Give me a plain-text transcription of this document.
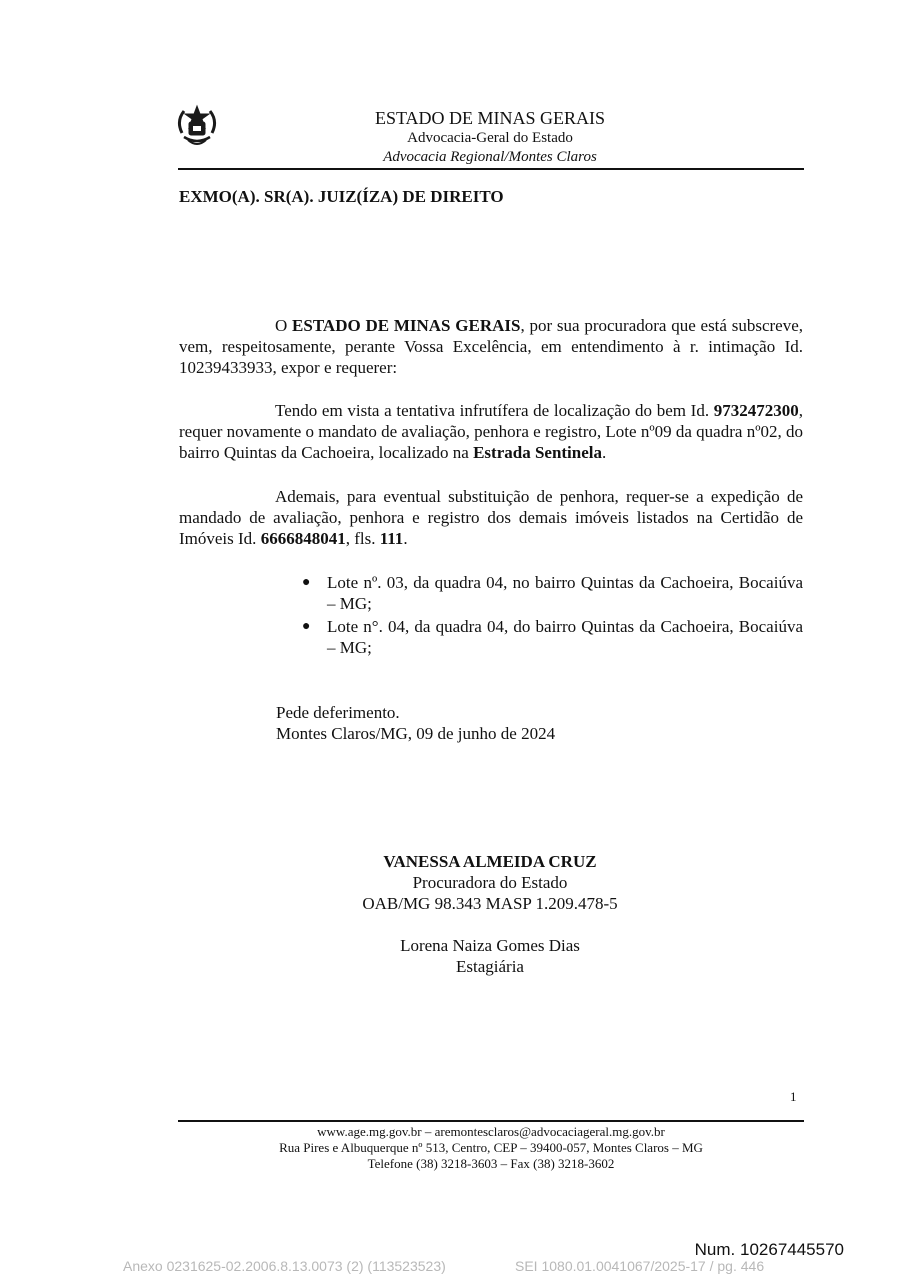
ESTADO DE MINAS GERAIS
Advocacia-Geral do Estado
Advocacia Regional/Montes Claros
EXMO(A). SR(A). JUIZ(ÍZA) DE DIREITO
O ESTADO DE MINAS GERAIS, por sua procuradora que está subscreve, vem, respeitosamente, perante Vossa Excelência, em entendimento à r. intimação Id. 10239433933, expor e requerer:
Tendo em vista a tentativa infrutífera de localização do bem Id. 9732472300, requer novamente o mandato de avaliação, penhora e registro, Lote nº09 da quadra nº02, do bairro Quintas da Cachoeira, localizado na Estrada Sentinela.
Ademais, para eventual substituição de penhora, requer-se a expedição de mandado de avaliação, penhora e registro dos demais imóveis listados na Certidão de Imóveis Id. 6666848041, fls. 111.
● Lote nº. 03, da quadra 04, no bairro Quintas da Cachoeira, Bocaiúva – MG;
● Lote n°. 04, da quadra 04, do bairro Quintas da Cachoeira, Bocaiúva – MG;
Pede deferimento.
Montes Claros/MG, 09 de junho de 2024
VANESSA ALMEIDA CRUZ
Procuradora do Estado
OAB/MG 98.343 MASP 1.209.478-5
Lorena Naiza Gomes Dias
Estagiária
1
www.age.mg.gov.br – aremontesclaros@advocaciageral.mg.gov.br
Rua Pires e Albuquerque nº 513, Centro, CEP – 39400-057, Montes Claros – MG
Telefone (38) 3218-3603 – Fax (38) 3218-3602
Num. 10267445570
Anexo 0231625-02.2006.8.13.0073 (2) (113523523)	SEI 1080.01.0041067/2025-17 / pg. 446
